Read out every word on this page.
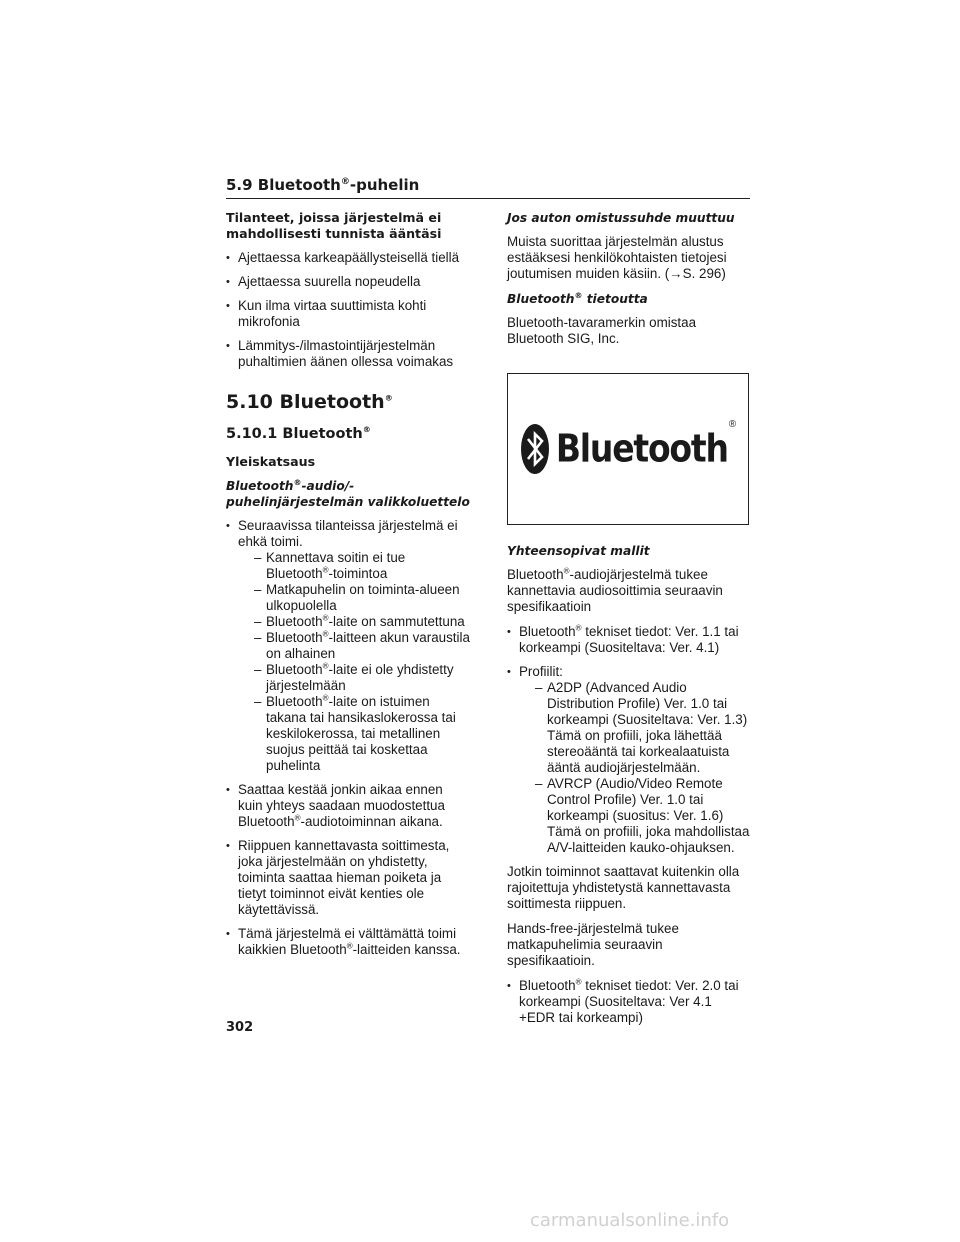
5.9 Bluetooth®-puhelin
Tilanteet, joissa järjestelmä ei mahdollisesti tunnista ääntäsi
• Ajettaessa karkeapäällysteisellä tiellä
• Ajettaessa suurella nopeudella
• Kun ilma virtaa suuttimista kohti mikrofonia
• Lämmitys-/ilmastointijärjestelmän puhaltimien äänen ollessa voimakas
5.10 Bluetooth®
5.10.1 Bluetooth®
Yleiskatsaus
Bluetooth®-audio/-puhelinjärjestelmän valikkoluettelo
• Seuraavissa tilanteissa järjestelmä ei ehkä toimi.
– Kannettava soitin ei tue Bluetooth®-toimintoa
– Matkapuhelin on toiminta-alueen ulkopuolella
– Bluetooth®-laite on sammutettuna
– Bluetooth®-laitteen akun varaustila on alhainen
– Bluetooth®-laite ei ole yhdistetty järjestelmään
– Bluetooth®-laite on istuimen takana tai hansikaslokerossa tai keskilokerossa, tai metallinen suojus peittää tai koskettaa puhelinta
• Saattaa kestää jonkin aikaa ennen kuin yhteys saadaan muodostettua Bluetooth®-audiotoiminnan aikana.
• Riippuen kannettavasta soittimesta, joka järjestelmään on yhdistetty, toiminta saattaa hieman poiketa ja tietyt toiminnot eivät kenties ole käytettävissä.
• Tämä järjestelmä ei välttämättä toimi kaikkien Bluetooth®-laitteiden kanssa.
Jos auton omistussuhde muuttuu

Muista suorittaa järjestelmän alustus estääksesi henkilökohtaisten tietojesi joutumisen muiden käsiin. (→S. 296)

Bluetooth® tietoutta

Bluetooth-tavaramerkin omistaa Bluetooth SIG, Inc.

Bluetooth
®
Yhteensopivat mallit

Bluetooth®-audiojärjestelmä tukee kannettavia audiosoittimia seuraavin spesifikaatioin

• Bluetooth® tekniset tiedot: Ver. 1.1 tai korkeampi (Suositeltava: Ver. 4.1)
• Profiilit:
– A2DP (Advanced Audio Distribution Profile) Ver. 1.0 tai korkeampi (Suositeltava: Ver. 1.3)
Tämä on profiili, joka lähettää stereoääntä tai korkealaatuista ääntä audiojärjestelmään.
– AVRCP (Audio/Video Remote Control Profile) Ver. 1.0 tai korkeampi (suositus: Ver. 1.6)
Tämä on profiili, joka mahdollistaa A/V-laitteiden kauko-ohjauksen.

Jotkin toiminnot saattavat kuitenkin olla rajoitettuja yhdistetystä kannettavasta soittimesta riippuen.

Hands-free-järjestelmä tukee matkapuhelimia seuraavin spesifikaatioin.

• Bluetooth® tekniset tiedot: Ver. 2.0 tai korkeampi (Suositeltava: Ver 4.1 +EDR tai korkeampi)
302
carmanualsonline.info
